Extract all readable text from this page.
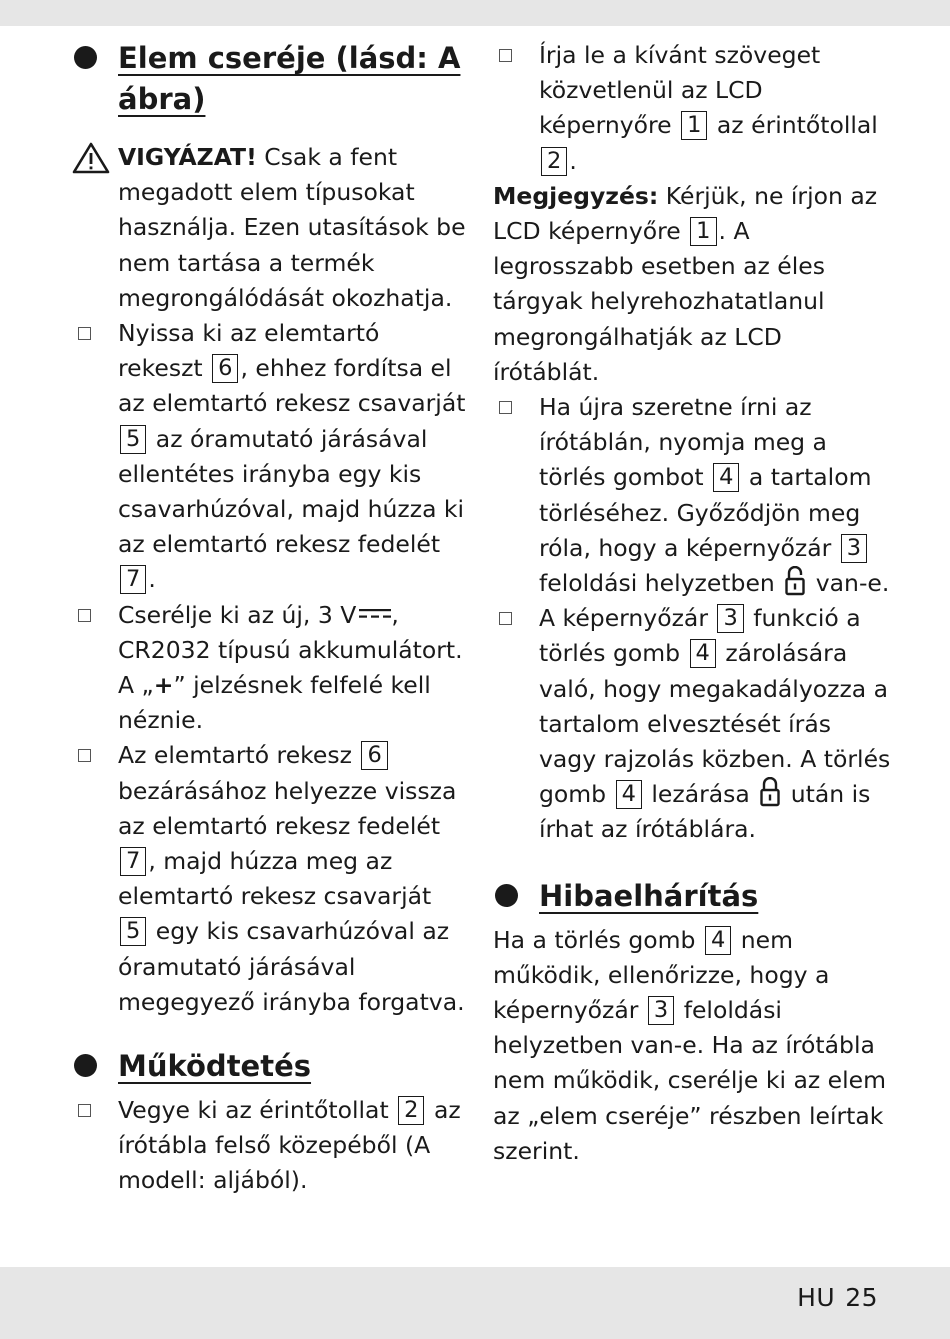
Elem cseréje (lásd: A ábra)

VIGYÁZAT! Csak a fent megadott elem típusokat használja. Ezen utasítások be nem tartása a termék megrongálódását okozhatja.

Nyissa ki az elemtartó rekeszt 6 , ehhez fordítsa el az elemtartó rekesz csavarját 5 az óramutató járásával ellentétes irányba egy kis csavarhúzóval, majd húzza ki az elemtartó rekesz fedelét 7 .

Cserélje ki az új, 3 V , CR2032 típusú akkumulátort. A „+” jelzésnek felfelé kell néznie.

Az elemtartó rekesz 6 bezárásához helyezze vissza az elemtartó rekesz fedelét 7 , majd húzza meg az elemtartó rekesz csavarját 5 egy kis csavarhúzóval az óramutató járásával megegyező irányba forgatva.

Működtetés

Vegye ki az érintőtollat 2 az írótábla felső közepéből (A modell: aljából).

Írja le a kívánt szöveget közvetlenül az LCD képernyőre 1 az érintőtollal 2 .

Megjegyzés: Kérjük, ne írjon az LCD képernyőre 1 . A legrosszabb esetben az éles tárgyak helyrehozhatatlanul megrongálhatják az LCD írótáblát.

Ha újra szeretne írni az írótáblán, nyomja meg a törlés gombot 4 a tartalom törléséhez. Győződjön meg róla, hogy a képernyőzár 3 feloldási helyzetben  van-e.

A képernyőzár 3 funkció a törlés gomb 4 zárolására való, hogy megakadályozza a tartalom elvesztését írás vagy rajzolás közben. A törlés gomb 4 lezárása  után is írhat az írótáblára.

Hibaelhárítás

Ha a törlés gomb 4 nem működik, ellenőrizze, hogy a képernyőzár 3 feloldási helyzetben van-e. Ha az írótábla nem működik, cserélje ki az elem az „elem cseréje” részben leírtak szerint.

HU 25
